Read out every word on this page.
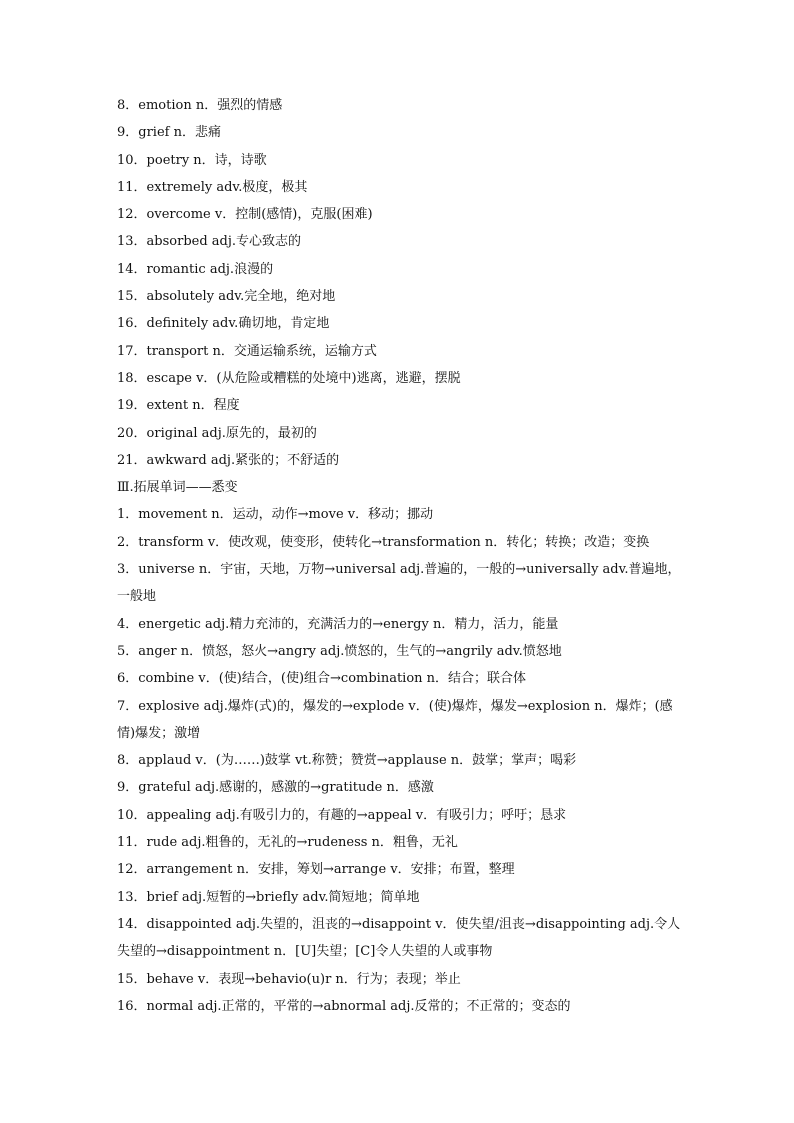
8．emotion n．强烈的情感
9．grief n．悲痛
10．poetry n．诗，诗歌
11．extremely adv.极度，极其
12．overcome v．控制(感情)，克服(困难)
13．absorbed adj.专心致志的
14．romantic adj.浪漫的
15．absolutely adv.完全地，绝对地
16．definitely adv.确切地，肯定地
17．transport n．交通运输系统，运输方式
18．escape v．(从危险或糟糕的处境中)逃离，逃避，摆脱
19．extent n．程度
20．original adj.原先的，最初的
21．awkward adj.紧张的；不舒适的
Ⅲ.拓展单词——悉变
1．movement n．运动，动作→move v．移动；挪动
2．transform v．使改观，使变形，使转化→transformation n．转化；转换；改造；变换
3．universe n．宇宙，天地，万物→universal adj.普遍的，一般的→universally adv.普遍地，一般地
4．energetic adj.精力充沛的，充满活力的→energy n．精力，活力，能量
5．anger n．愤怒，怒火→angry adj.愤怒的，生气的→angrily adv.愤怒地
6．combine v．(使)结合，(使)组合→combination n．结合；联合体
7．explosive adj.爆炸(式)的，爆发的→explode v．(使)爆炸，爆发→explosion n．爆炸；(感情)爆发；激增
8．applaud v．(为……)鼓掌 vt.称赞；赞赏→applause n．鼓掌；掌声；喝彩
9．grateful adj.感谢的，感激的→gratitude n．感激
10．appealing adj.有吸引力的，有趣的→appeal v．有吸引力；呼吁；恳求
11．rude adj.粗鲁的，无礼的→rudeness n．粗鲁，无礼
12．arrangement n．安排，筹划→arrange v．安排；布置，整理
13．brief adj.短暂的→briefly adv.简短地；简单地
14．disappointed adj.失望的，沮丧的→disappoint v．使失望/沮丧→disappointing adj.令人失望的→disappointment n．[U]失望；[C]令人失望的人或事物
15．behave v．表现→behavio(u)r n．行为；表现；举止
16．normal adj.正常的，平常的→abnormal adj.反常的；不正常的；变态的
